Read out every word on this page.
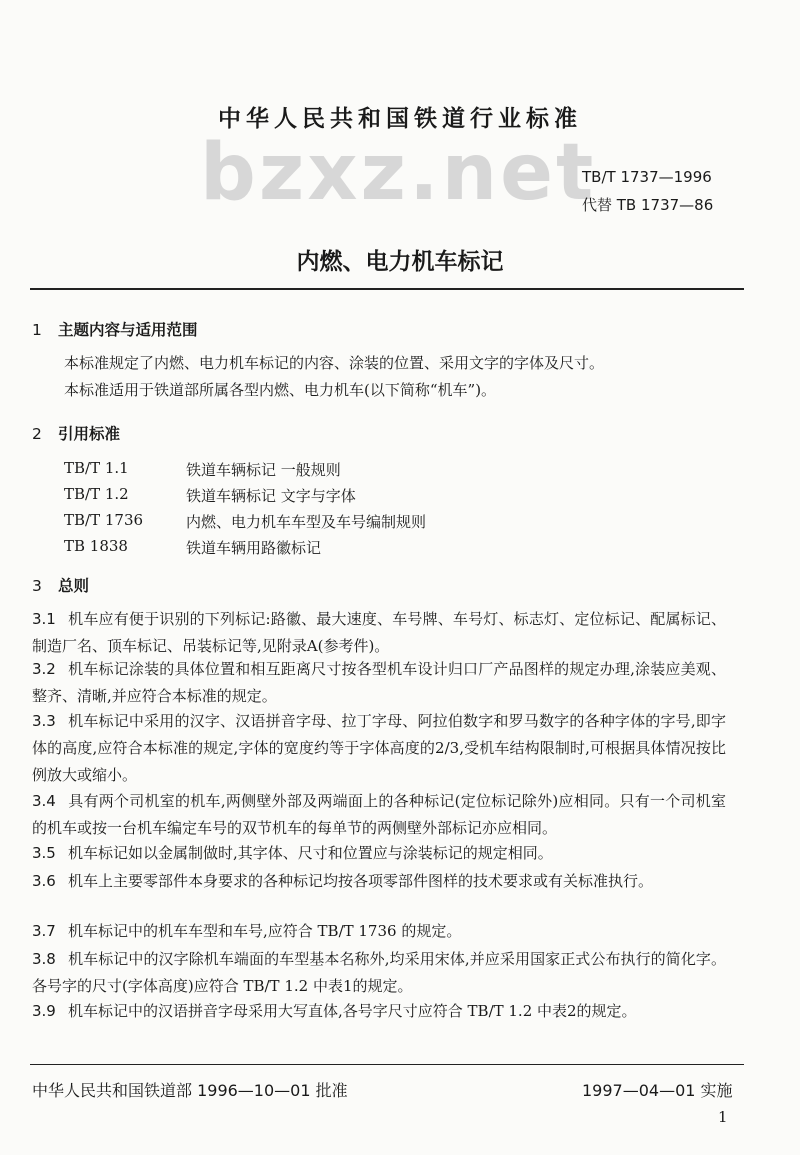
中华人民共和国铁道行业标准
bzxz.net
TB/T 1737—1996
代替 TB 1737—86
内燃、电力机车标记
1 主题内容与适用范围
本标准规定了内燃、电力机车标记的内容、涂装的位置、采用文字的字体及尺寸。
本标准适用于铁道部所属各型内燃、电力机车(以下简称“机车”)。
2 引用标准
TB/T 1.1	铁道车辆标记 一般规则
TB/T 1.2	铁道车辆标记 文字与字体
TB/T 1736	内燃、电力机车车型及车号编制规则
TB 1838	铁道车辆用路徽标记
3 总则
3.1 机车应有便于识别的下列标记:路徽、最大速度、车号牌、车号灯、标志灯、定位标记、配属标记、制造厂名、顶车标记、吊装标记等,见附录A(参考件)。
3.2 机车标记涂装的具体位置和相互距离尺寸按各型机车设计归口厂产品图样的规定办理,涂装应美观、整齐、清晰,并应符合本标准的规定。
3.3 机车标记中采用的汉字、汉语拼音字母、拉丁字母、阿拉伯数字和罗马数字的各种字体的字号,即字体的高度,应符合本标准的规定,字体的宽度约等于字体高度的2/3,受机车结构限制时,可根据具体情况按比例放大或缩小。
3.4 具有两个司机室的机车,两侧壁外部及两端面上的各种标记(定位标记除外)应相同。只有一个司机室的机车或按一台机车编定车号的双节机车的每单节的两侧壁外部标记亦应相同。
3.5 机车标记如以金属制做时,其字体、尺寸和位置应与涂装标记的规定相同。
3.6 机车上主要零部件本身要求的各种标记均按各项零部件图样的技术要求或有关标准执行。
3.7 机车标记中的机车车型和车号,应符合 TB/T 1736 的规定。
3.8 机车标记中的汉字除机车端面的车型基本名称外,均采用宋体,并应采用国家正式公布执行的简化字。各号字的尺寸(字体高度)应符合 TB/T 1.2 中表1的规定。
3.9 机车标记中的汉语拼音字母采用大写直体,各号字尺寸应符合 TB/T 1.2 中表2的规定。
中华人民共和国铁道部 1996—10—01 批准	1997—04—01 实施
1
